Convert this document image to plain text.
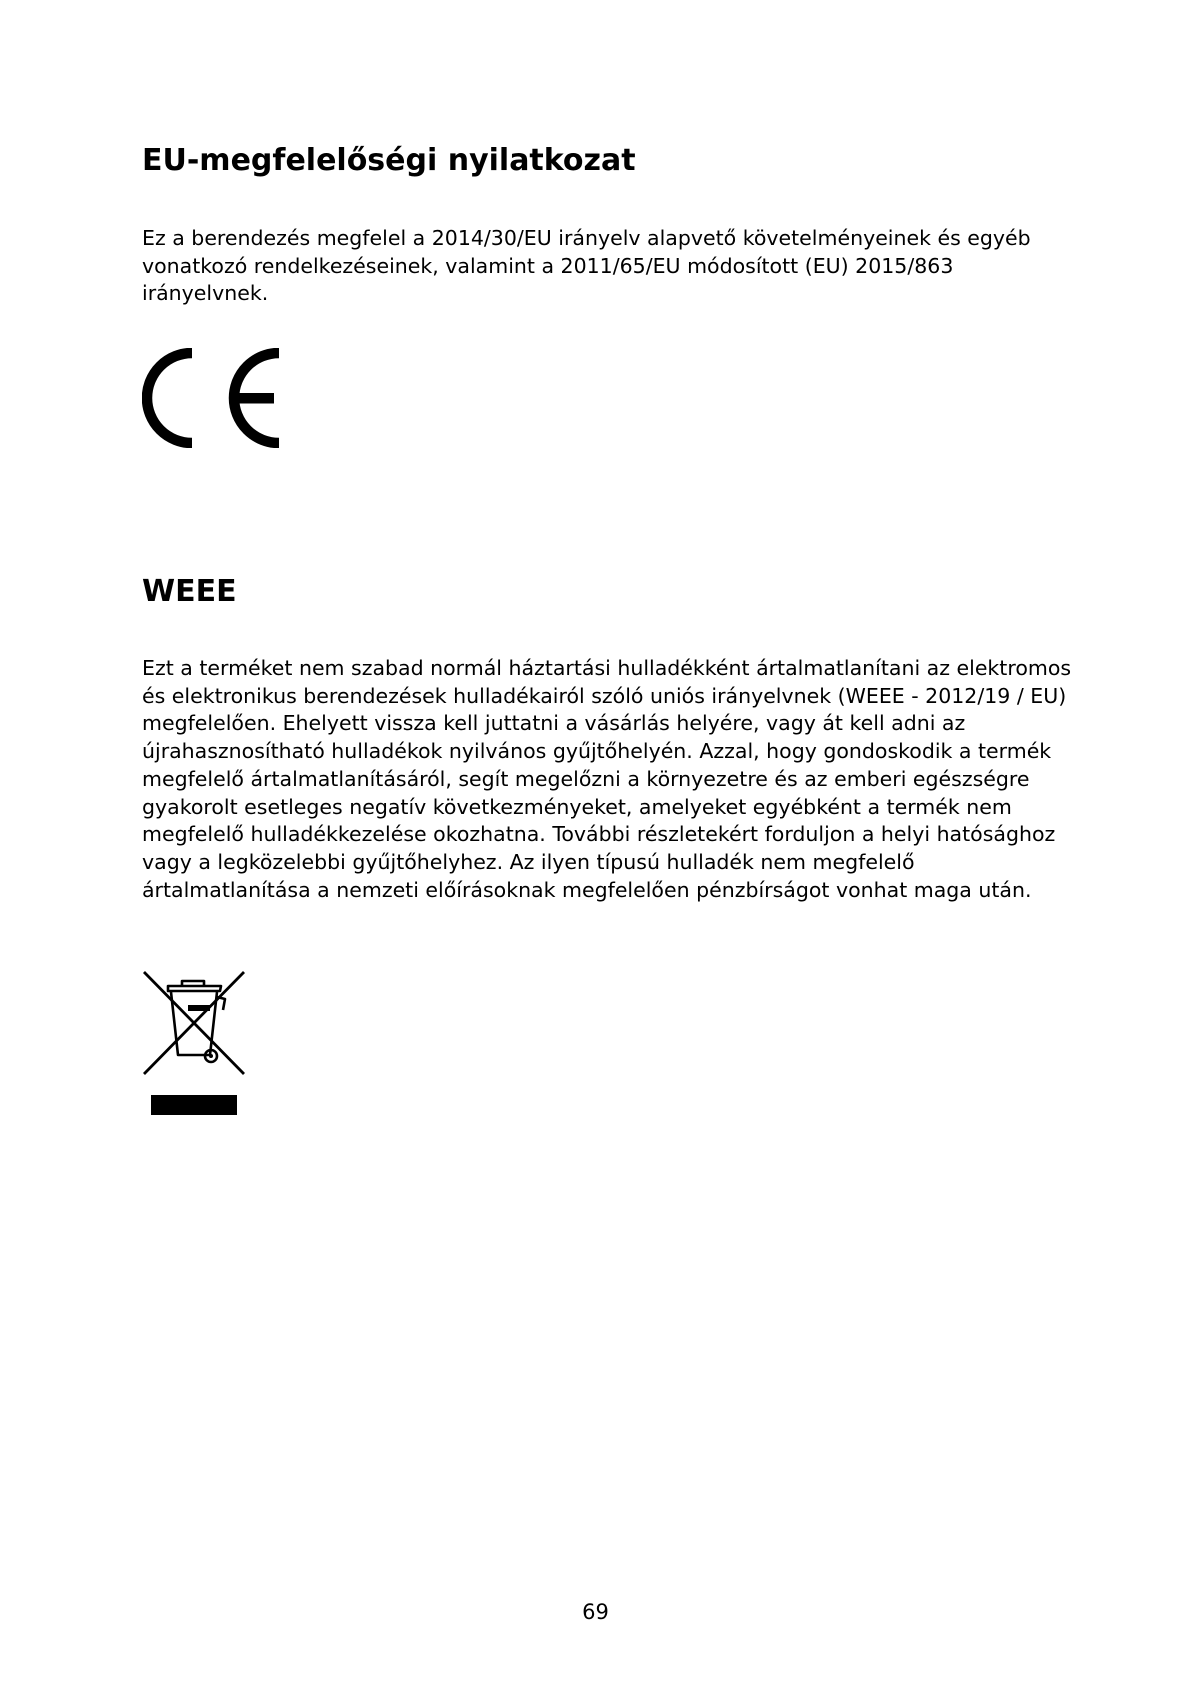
EU-megfelelőségi nyilatkozat
Ez a berendezés megfelel a 2014/30/EU irányelv alapvető követelményeinek és egyéb
vonatkozó rendelkezéseinek, valamint a 2011/65/EU módosított (EU) 2015/863
irányelvnek.
WEEE
Ezt a terméket nem szabad normál háztartási hulladékként ártalmatlanítani az elektromos
és elektronikus berendezések hulladékairól szóló uniós irányelvnek (WEEE - 2012/19 / EU)
megfelelően. Ehelyett vissza kell juttatni a vásárlás helyére, vagy át kell adni az
újrahasznosítható hulladékok nyilvános gyűjtőhelyén. Azzal, hogy gondoskodik a termék
megfelelő ártalmatlanításáról, segít megelőzni a környezetre és az emberi egészségre
gyakorolt esetleges negatív következményeket, amelyeket egyébként a termék nem
megfelelő hulladékkezelése okozhatna. További részletekért forduljon a helyi hatósághoz
vagy a legközelebbi gyűjtőhelyhez. Az ilyen típusú hulladék nem megfelelő
ártalmatlanítása a nemzeti előírásoknak megfelelően pénzbírságot vonhat maga után.
69
